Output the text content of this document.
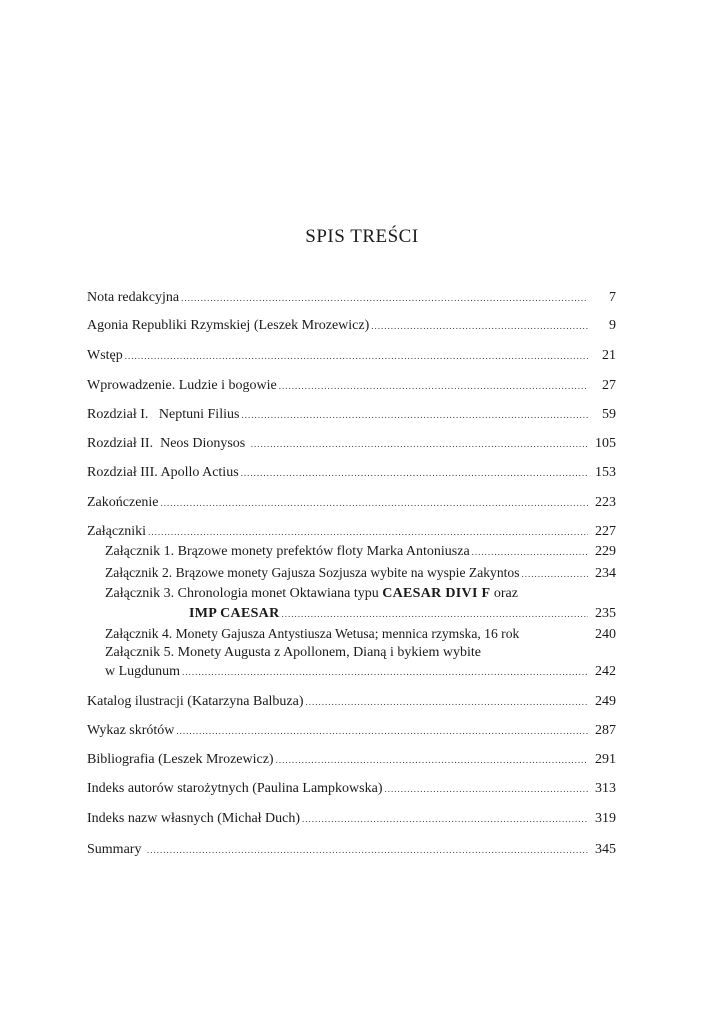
SPIS TREŚCI
Nota redakcyjna .....	7
Agonia Republiki Rzymskiej (Leszek Mrozewicz) .....	9
Wstęp .....	21
Wprowadzenie. Ludzie i bogowie .....	27
Rozdział I.   Neptuni Filius .....	59
Rozdział II.  Neos Dionysos .....	105
Rozdział III. Apollo Actius .....	153
Zakończenie .....	223
Załączniki .....	227
Załącznik 1. Brązowe monety prefektów floty Marka Antoniusza .....	229
Załącznik 2. Brązowe monety Gajusza Sozjusza wybite na wyspie Zakyntos .....	234
Załącznik 3. Chronologia monet Oktawiana typu CAESAR DIVI F oraz
IMP CAESAR .....	235
Załącznik 4. Monety Gajusza Antystiusza Wetusa; mennica rzymska, 16 rok	240
Załącznik 5. Monety Augusta z Apollonem, Dianą i bykiem wybite
w Lugdunum .....	242
Katalog ilustracji (Katarzyna Balbuza) .....	249
Wykaz skrótów .....	287
Bibliografia (Leszek Mrozewicz) .....	291
Indeks autorów starożytnych (Paulina Lampkowska) .....	313
Indeks nazw własnych (Michał Duch) .....	319
Summary .....	345
